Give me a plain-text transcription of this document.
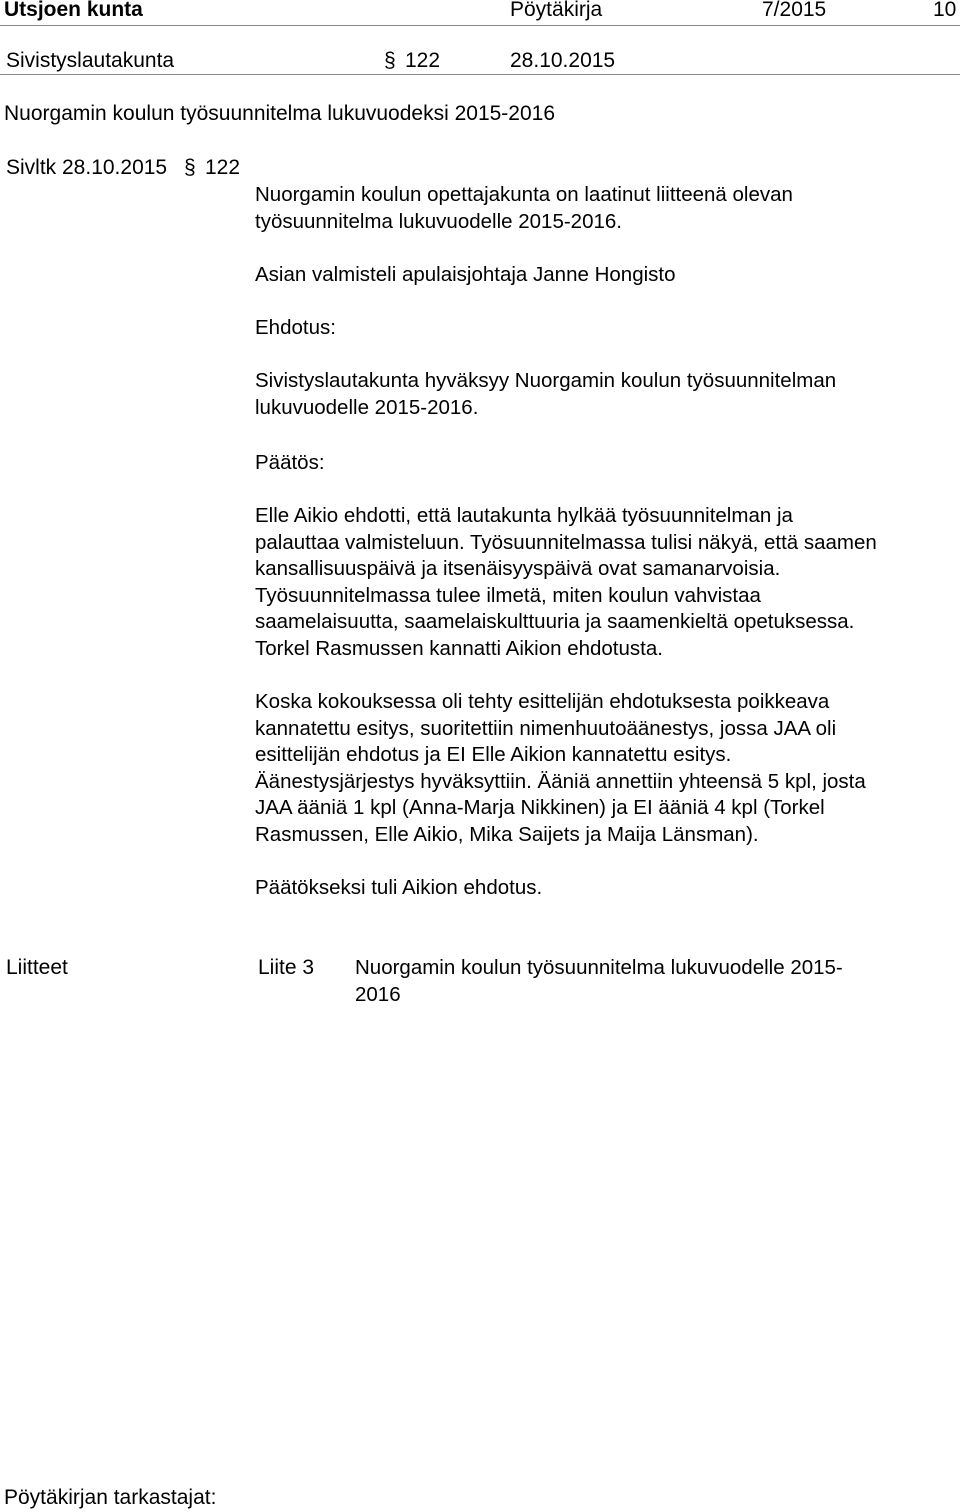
Utsjoen kunta	Pöytäkirja	7/2015	10
Sivistyslautakunta	§ 122	28.10.2015
Nuorgamin koulun työsuunnitelma lukuvuodeksi 2015-2016
Sivltk 28.10.2015 § 122
Nuorgamin koulun opettajakunta on laatinut liitteenä olevan
työsuunnitelma lukuvuodelle 2015-2016.
Asian valmisteli apulaisjohtaja Janne Hongisto
Ehdotus:
Sivistyslautakunta hyväksyy Nuorgamin koulun työsuunnitelman
lukuvuodelle 2015-2016.
Päätös:
Elle Aikio ehdotti, että lautakunta hylkää työsuunnitelman ja
palauttaa valmisteluun. Työsuunnitelmassa tulisi näkyä, että saamen
kansallisuuspäivä ja itsenäisyyspäivä ovat samanarvoisia.
Työsuunnitelmassa tulee ilmetä, miten koulun vahvistaa
saamelaisuutta, saamelaiskulttuuria ja saamenkieltä opetuksessa.
Torkel Rasmussen kannatti Aikion ehdotusta.
Koska kokouksessa oli tehty esittelijän ehdotuksesta poikkeava
kannatettu esitys, suoritettiin nimenhuutoäänestys, jossa JAA oli
esittelijän ehdotus ja EI Elle Aikion kannatettu esitys.
Äänestysjärjestys hyväksyttiin. Ääniä annettiin yhteensä 5 kpl, josta
JAA ääniä 1 kpl (Anna-Marja Nikkinen) ja EI ääniä 4 kpl (Torkel
Rasmussen, Elle Aikio, Mika Saijets ja Maija Länsman).
Päätökseksi tuli Aikion ehdotus.
Liitteet	Liite 3 Nuorgamin koulun työsuunnitelma lukuvuodelle 2015-
2016
Pöytäkirjan tarkastajat:
